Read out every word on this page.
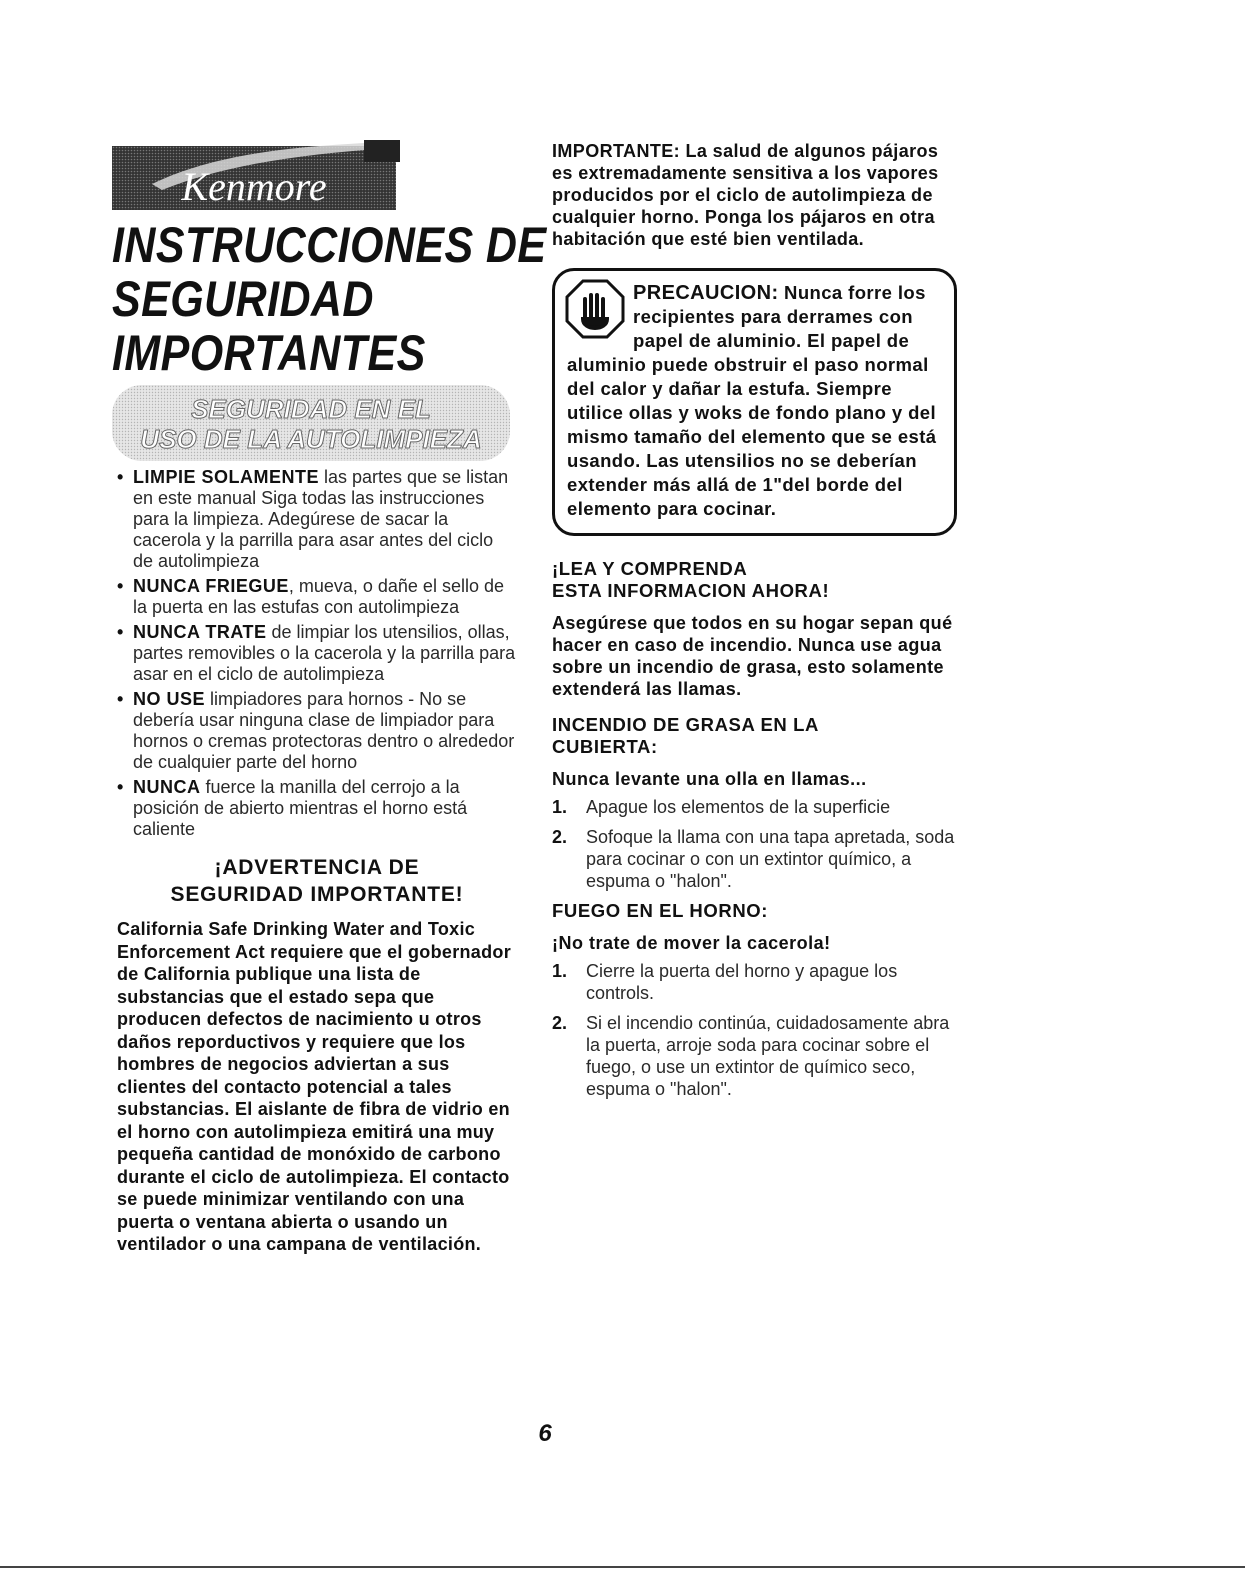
Kenmore
INSTRUCCIONES DE
SEGURIDAD
IMPORTANTES
SEGURIDAD EN EL
USO DE LA AUTOLIMPIEZA
• LIMPIE SOLAMENTE las partes que se listan en este manual Siga todas las instrucciones para la limpieza. Adegúrese de sacar la cacerola y la parrilla para asar antes del ciclo de autolimpieza
• NUNCA FRIEGUE, mueva, o dañe el sello de la puerta en las estufas con autolimpieza
• NUNCA TRATE de limpiar los utensilios, ollas, partes removibles o la cacerola y la parrilla para asar en el ciclo de autolimpieza
• NO USE limpiadores para hornos - No se debería usar ninguna clase de limpiador para hornos o cremas protectoras dentro o alrededor de cualquier parte del horno
• NUNCA fuerce la manilla del cerrojo a la posición de abierto mientras el horno está caliente
¡ADVERTENCIA DE
SEGURIDAD IMPORTANTE!
California Safe Drinking Water and Toxic Enforcement Act requiere que el gobernador de California publique una lista de substancias que el estado sepa que producen defectos de nacimiento u otros daños reporductivos y requiere que los hombres de negocios adviertan a sus clientes del contacto potencial a tales substancias. El aislante de fibra de vidrio en el horno con autolimpieza emitirá una muy pequeña cantidad de monóxido de carbono durante el ciclo de autolimpieza. El contacto se puede minimizar ventilando con una puerta o ventana abierta o usando un ventilador o una campana de ventilación.
IMPORTANTE: La salud de algunos pájaros es extremadamente sensitiva a los vapores producidos por el ciclo de autolimpieza de cualquier horno. Ponga los pájaros en otra habitación que esté bien ventilada.
PRECAUCION: Nunca forre los recipientes para derrames con papel de aluminio. El papel de aluminio puede obstruir el paso normal del calor y dañar la estufa. Siempre utilice ollas y woks de fondo plano y del mismo tamaño del elemento que se está usando. Las utensilios no se deberían extender más allá de 1"del borde del elemento para cocinar.
¡LEA Y COMPRENDA
ESTA INFORMACION AHORA!
Asegúrese que todos en su hogar sepan qué hacer en caso de incendio. Nunca use agua sobre un incendio de grasa, esto solamente extenderá las llamas.
INCENDIO DE GRASA EN LA
CUBIERTA:
Nunca levante una olla en llamas...
1. Apague los elementos de la superficie
2. Sofoque la llama con una tapa apretada, soda para cocinar o con un extintor químico, a espuma o "halon".
FUEGO EN EL HORNO:
¡No trate de mover la cacerola!
1. Cierre la puerta del horno y apague los controls.
2. Si el incendio continúa, cuidadosamente abra la puerta, arroje soda para cocinar sobre el fuego, o use un extintor de químico seco, espuma o "halon".
6
